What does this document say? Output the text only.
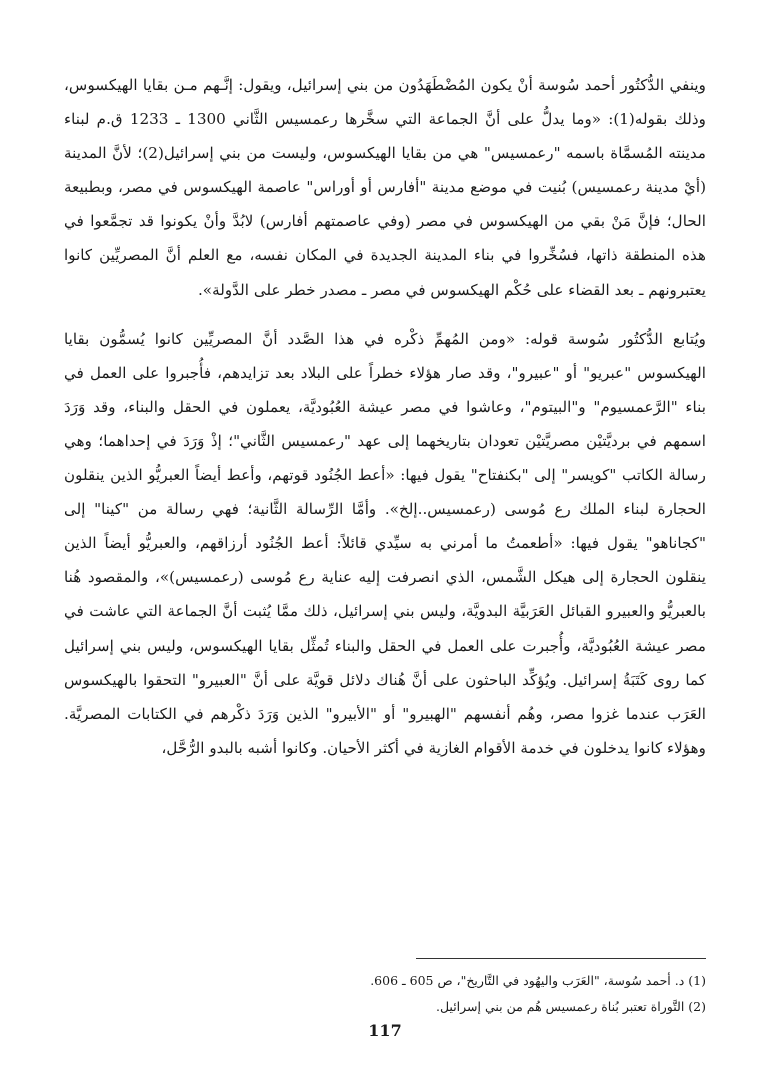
وينفي الدُّكتُور أحمد سُوسة أنْ يكون المُضْطَهَدُون من بني إسرائيل، ويقول: إنَّـهم مـن بقايا الهيكسوس، وذلك بقوله(1): «وما يدلُّ على أنَّ الجماعة التي سخَّرها رعمسيس الثَّاني 1300 ـ 1233 ق.م لبناء مدينته المُسمَّاة باسمه "رعمسيس" هي من بقايا الهيكسوس، وليست من بني إسرائيل(2)؛ لأنَّ المدينة (أيْ مدينة رعمسيس) بُنيت في موضع مدينة "أفارس أو أوراس" عاصمة الهيكسوس في مصر، وبطبيعة الحال؛ فإنَّ مَنْ بقي من الهيكسوس في مصر (وفي عاصمتهم أفارس) لابُدَّ وأنْ يكونوا قد تجمَّعوا في هذه المنطقة ذاتها، فسُخِّروا في بناء المدينة الجديدة في المكان نفسه، مع العلم أنَّ المصريِّين كانوا يعتبرونهم ـ بعد القضاء على حُكْم الهيكسوس في مصر ـ مصدر خطر على الدَّولة».

ويُتابع الدُّكتُور سُوسة قوله: «ومن المُهمِّ ذكْره في هذا الصَّدد أنَّ المصريِّين كانوا يُسمُّون بقايا الهيكسوس "عبريو" أو "عبيرو"، وقد صار هؤلاء خطراً على البلاد بعد تزايدهم، فأُجبروا على العمل في بناء "الرَّعمسيوم" و"البيتوم"، وعاشوا في مصر عيشة العُبُوديَّة، يعملون في الحقل والبناء، وقد وَرَدَ اسمهم في برديَّتيْن مصريَّتيْن تعودان بتاريخهما إلى عهد "رعمسيس الثَّاني"؛ إذْ وَرَدَ في إحداهما؛ وهي رسالة الكاتب "كويسر" إلى "بكنفتاح" يقول فيها: «أعط الجُنُود قوتهم، وأعط أيضاً العبريُّو الذين ينقلون الحجارة لبناء الملك رع مُوسى (رعمسيس..إلخ». وأمَّا الرِّسالة الثَّانية؛ فهي رسالة من "كينا" إلى "كجاناهو" يقول فيها: «أطعمتُ ما أمرني به سيِّدي قائلاً: أعط الجُنُود أرزاقهم، والعبريُّو أيضاً الذين ينقلون الحجارة إلى هيكل الشَّمس، الذي انصرفت إليه عناية رع مُوسى (رعمسيس)»، والمقصود هُنا بالعبريُّو والعبيرو القبائل العَرَبيَّة البدويَّة، وليس بني إسرائيل، ذلك ممَّا يُثبت أنَّ الجماعة التي عاشت في مصر عيشة العُبُوديَّة، وأُجبرت على العمل في الحقل والبناء تُمثِّل بقايا الهيكسوس، وليس بني إسرائيل كما روى كَتَبَةُ إسرائيل. ويُؤكِّد الباحثون على أنَّ هُناك دلائل قويَّة على أنَّ "العبيرو" التحقوا بالهيكسوس العَرَب عندما غزوا مصر، وهُم أنفسهم "الهبيرو" أو "الأبيرو" الذين وَرَدَ ذكْرهم في الكتابات المصريَّة. وهؤلاء كانوا يدخلون في خدمة الأقوام الغازية في أكثر الأحيان. وكانوا أشبه بالبدو الرُّحَّل،

(1) د. أحمد سُوسة، "العَرَب واليهُود في التَّاريخ"، ص 605 ـ 606.

(2) التَّوراة تعتبر بُناة رعمسيس هُم من بني إسرائيل.

117
